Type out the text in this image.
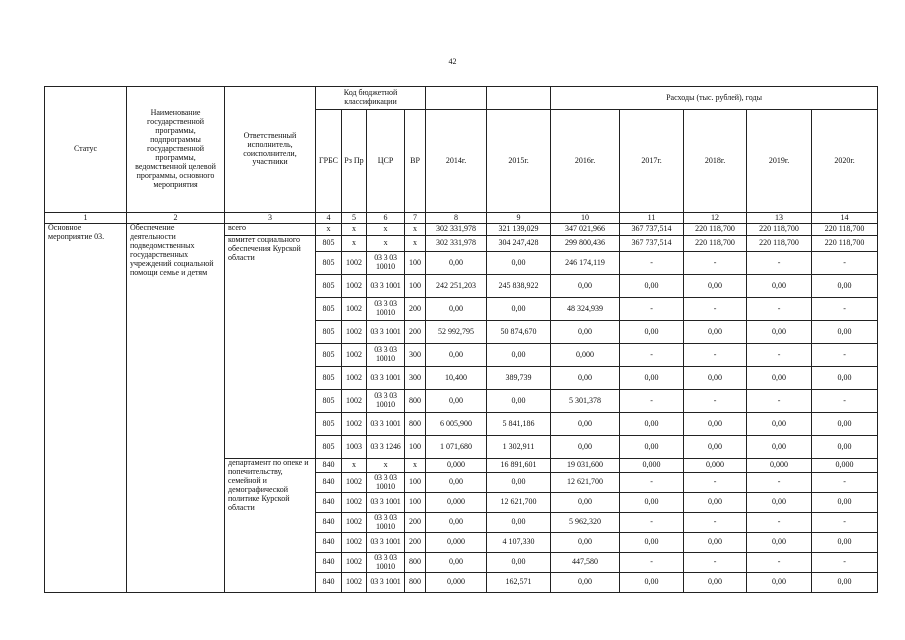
42
Статус	Наименование государственной программы, подпрограммы государственной программы, ведомственной целевой программы, основного мероприятия	Ответственный исполнитель, соисполнители, участники	Код бюджетной классификации						Расходы (тыс. рублей), годы				
			ГРБС	Рз Пр	ЦСР	ВР	2014г.	2015г.	2016г.	2017г.	2018г.	2019г.	2020г.
1	2	3	4	5	6	7	8	9	10	11	12	13	14
Основное мероприятие 03.	Обеспечение деятельности подведомственных государственных учреждений социальной помощи семье и детям	всего	х	х	х	х	302 331,978	321 139,029	347 021,966	367 737,514	220 118,700	220 118,700	220 118,700
		комитет социального обеспечения Курской области	805	х	х	х	302 331,978	304 247,428	299 800,436	367 737,514	220 118,700	220 118,700	220 118,700
			805	1002	03 3 03 10010	100	0,00	0,00	246 174,119	-	-	-	-
			805	1002	03 3 1001	100	242 251,203	245 838,922	0,00	0,00	0,00	0,00	0,00
			805	1002	03 3 03 10010	200	0,00	0,00	48 324,939	-	-	-	-
			805	1002	03 3 1001	200	52 992,795	50 874,670	0,00	0,00	0,00	0,00	0,00
			805	1002	03 3 03 10010	300	0,00	0,00	0,000	-	-	-	-
			805	1002	03 3 1001	300	10,400	389,739	0,00	0,00	0,00	0,00	0,00
			805	1002	03 3 03 10010	800	0,00	0,00	5 301,378	-	-	-	-
			805	1002	03 3 1001	800	6 005,900	5 841,186	0,00	0,00	0,00	0,00	0,00
			805	1003	03 3 1246	100	1 071,680	1 302,911	0,00	0,00	0,00	0,00	0,00
		департамент по опеке и попечительству, семейной и демографической политике Курской области	840	х	х	х	0,000	16 891,601	19 031,600	0,000	0,000	0,000	0,000
			840	1002	03 3 03 10010	100	0,00	0,00	12 621,700	-	-	-	-
			840	1002	03 3 1001	100	0,000	12 621,700	0,00	0,00	0,00	0,00	0,00
			840	1002	03 3 03 10010	200	0,00	0,00	5 962,320	-	-	-	-
			840	1002	03 3 1001	200	0,000	4 107,330	0,00	0,00	0,00	0,00	0,00
			840	1002	03 3 03 10010	800	0,00	0,00	447,580	-	-	-	-
			840	1002	03 3 1001	800	0,000	162,571	0,00	0,00	0,00	0,00	0,00
